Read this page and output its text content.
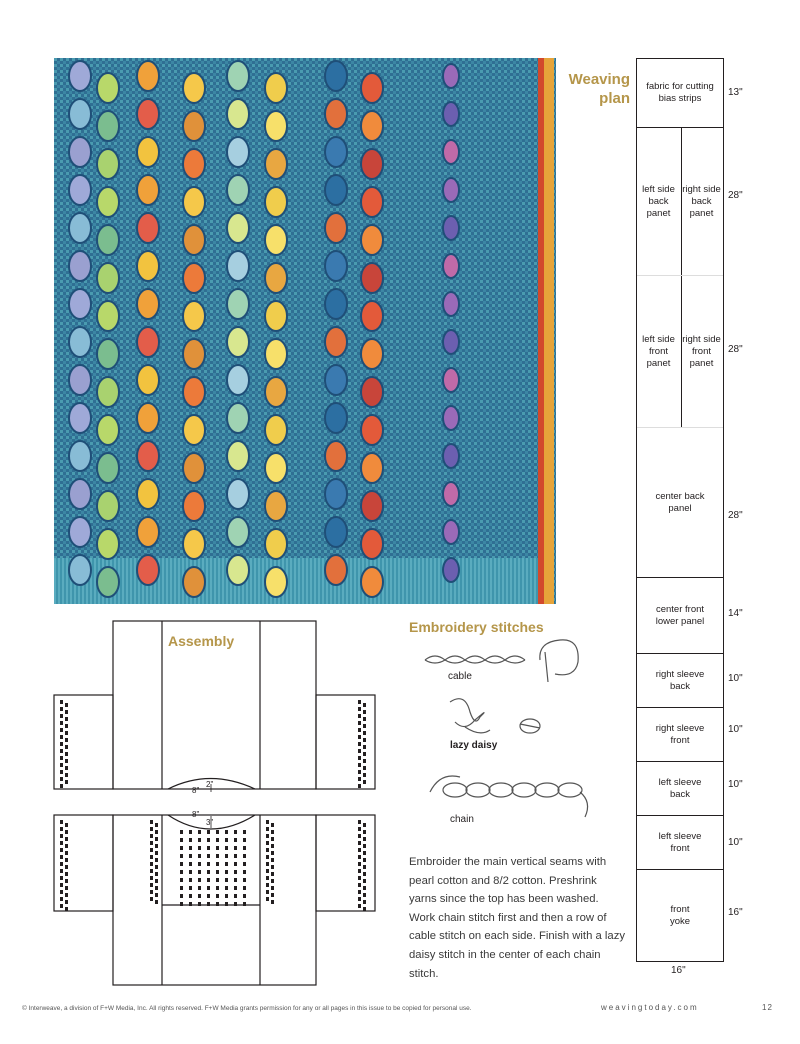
Weaving
plan
fabric for cutting bias strips
left side back panet
right side back panet
left side front panet
right side front panet
center back panel
center front lower panel
right sleeve back
right sleeve front
left sleeve back
left sleeve front
front yoke
13"
28"
28"
28"
14"
10"
10"
10"
10"
16"
16"
Assembly
8"
2"
8"
3"
Embroidery stitches
cable
lazy daisy
chain
Embroider the main vertical seams with pearl cotton and 8/2 cotton. Preshrink yarns since the top has been washed. Work chain stitch first and then a row of cable stitch on each side. Finish with a lazy daisy stitch in the center of each chain stitch.
© Interweave, a division of F+W Media, Inc. All rights reserved. F+W Media grants permission for any or all pages in this issue to be copied for personal use.	weavingtoday.com	12
